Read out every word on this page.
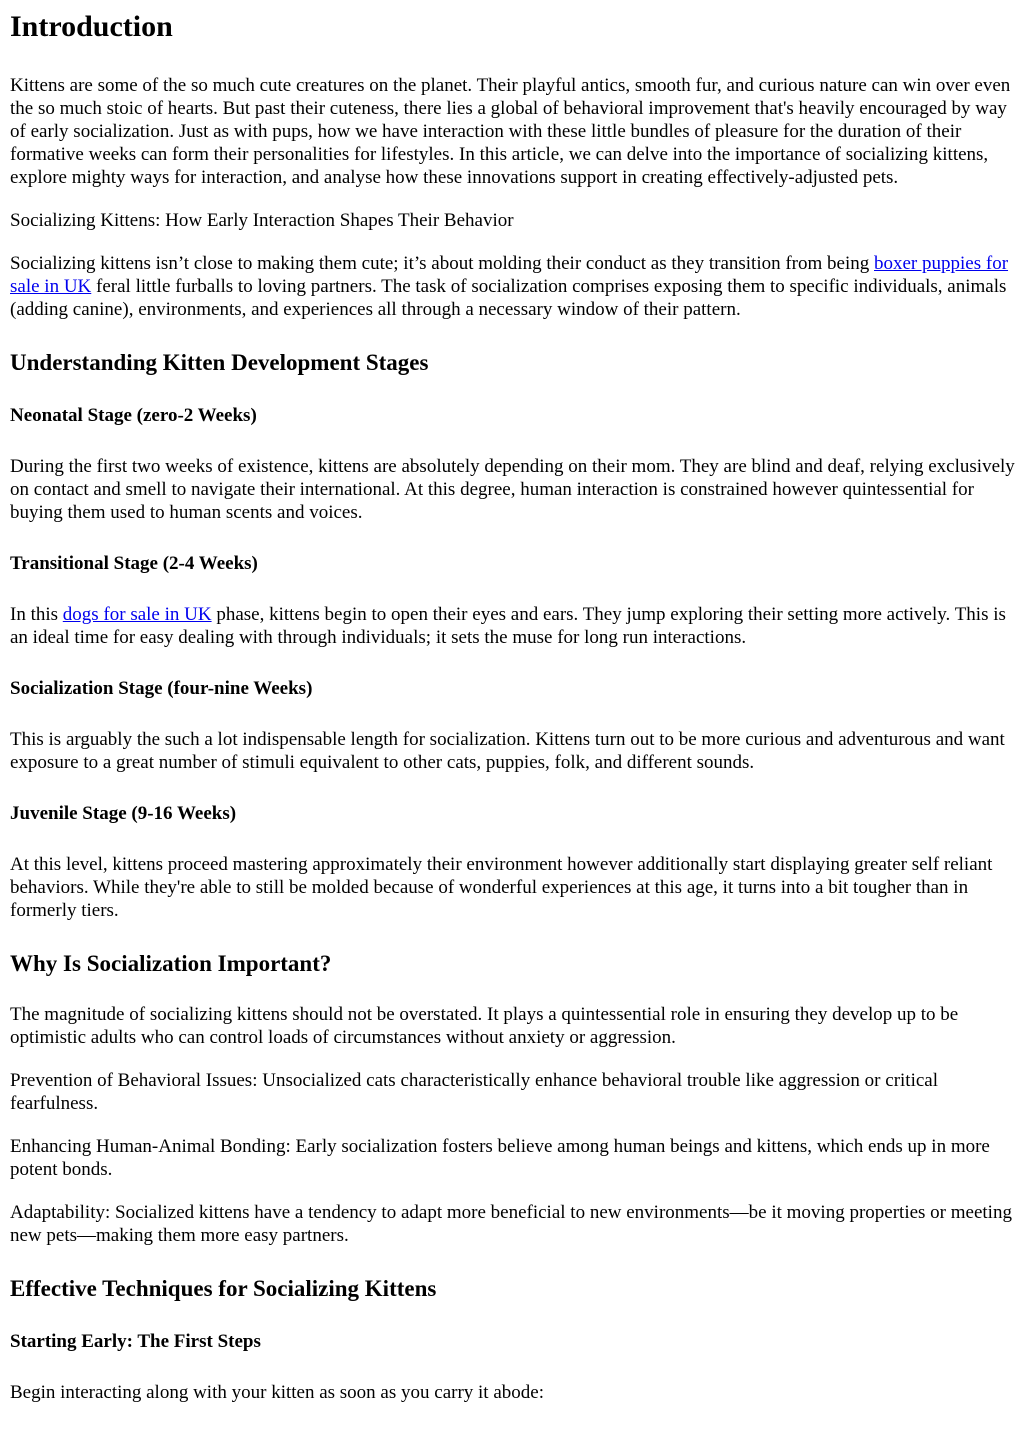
Introduction

Kittens are some of the so much cute creatures on the planet. Their playful antics, smooth fur, and curious nature can win over even the so much stoic of hearts. But past their cuteness, there lies a global of behavioral improvement that's heavily encouraged by way of early socialization. Just as with pups, how we have interaction with these little bundles of pleasure for the duration of their formative weeks can form their personalities for lifestyles. In this article, we can delve into the importance of socializing kittens, explore mighty ways for interaction, and analyse how these innovations support in creating effectively-adjusted pets.

Socializing Kittens: How Early Interaction Shapes Their Behavior

Socializing kittens isn’t close to making them cute; it’s about molding their conduct as they transition from being boxer puppies for sale in UK feral little furballs to loving partners. The task of socialization comprises exposing them to specific individuals, animals (adding canine), environments, and experiences all through a necessary window of their pattern.

Understanding Kitten Development Stages
Neonatal Stage (zero-2 Weeks)

During the first two weeks of existence, kittens are absolutely depending on their mom. They are blind and deaf, relying exclusively on contact and smell to navigate their international. At this degree, human interaction is constrained however quintessential for buying them used to human scents and voices.

Transitional Stage (2-4 Weeks)

In this dogs for sale in UK phase, kittens begin to open their eyes and ears. They jump exploring their setting more actively. This is an ideal time for easy dealing with through individuals; it sets the muse for long run interactions.

Socialization Stage (four-nine Weeks)

This is arguably the such a lot indispensable length for socialization. Kittens turn out to be more curious and adventurous and want exposure to a great number of stimuli equivalent to other cats, puppies, folk, and different sounds.

Juvenile Stage (9-16 Weeks)

At this level, kittens proceed mastering approximately their environment however additionally start displaying greater self reliant behaviors. While they're able to still be molded because of wonderful experiences at this age, it turns into a bit tougher than in formerly tiers.

Why Is Socialization Important?

The magnitude of socializing kittens should not be overstated. It plays a quintessential role in ensuring they develop up to be optimistic adults who can control loads of circumstances without anxiety or aggression.

Prevention of Behavioral Issues: Unsocialized cats characteristically enhance behavioral trouble like aggression or critical fearfulness.

Enhancing Human-Animal Bonding: Early socialization fosters believe among human beings and kittens, which ends up in more potent bonds.

Adaptability: Socialized kittens have a tendency to adapt more beneficial to new environments—be it moving properties or meeting new pets—making them more easy partners.

Effective Techniques for Socializing Kittens
Starting Early: The First Steps

Begin interacting along with your kitten as soon as you carry it abode:
